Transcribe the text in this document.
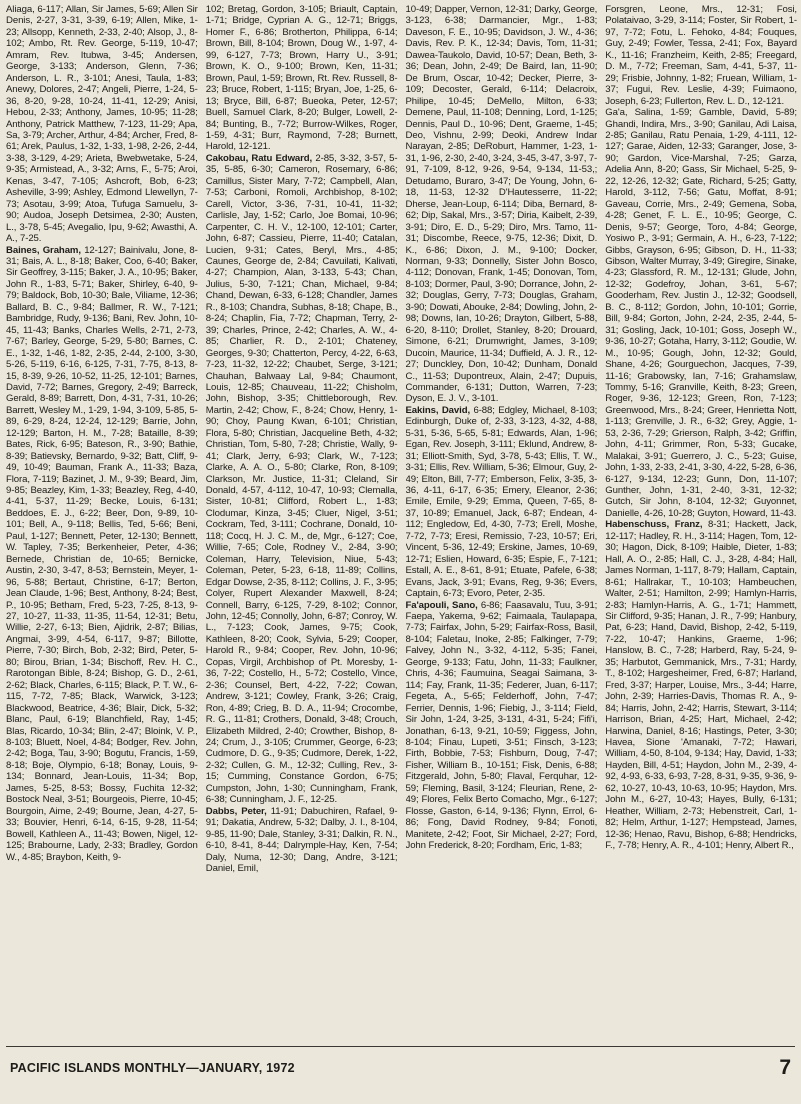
Aliaga, 6-117; Allan, Sir James, 5-69; Allen Sir Denis, 2-27, 3-31, 3-39, 6-19; Allen, Mike, 1-23; Allsopp, Kenneth, 2-33, 2-40; Alsop, J., 8-102; Ambo, Rt. Rev. George, 5-119, 10-47; Amram, Rev. Itubwa, 3-45; Andersen, George, 3-133; Anderson, Glenn, 7-36; Anderson, L. R., 3-101; Anesi, Taula, 1-83; Anewy, Dolores, 2-47; Angeli, Pierre, 1-24, 5-36, 8-20, 9-28, 10-24, 11-41, 12-29; Anisi, Hebou, 2-33; Anthony, James, 10-95; 11-28; Anthony, Patrick Matthew, 7-123, 11-29; Apa, Sa, 3-79; Archer, Arthur, 4-84; Archer, Fred, 8-61; Arek, Paulus, 1-32, 1-33, 1-98, 2-26, 2-44, 3-38, 3-129, 4-29; Arieta, Bwebwetake, 5-24, 9-35; Armistead, A., 3-32; Arns, F., 5-75; Aroi, Kenas, 3-47, 7-105; Ashcroft, Bob, 6-23; Asheville, 3-99; Ashley, Edmond Llewellyn, 7-73; Asotau, 3-99; Atoa, Tufuga Samuelu, 3-90; Audoa, Joseph Detsimea, 2-30; Austen, L., 3-78, 5-45; Avegalio, Ipu, 9-62; Awasthi, A. A., 7-25.

Baines, Graham, 12-127; Bainivalu, Jone, 8-31; Bais, A. L., 8-18; Baker, Coo, 6-40; Baker, Sir Geoffrey, 3-115; Baker, J. A., 10-95; Baker, John R., 1-83, 5-71; Baker, Shirley, 6-40, 9-79; Baldock, Bob, 10-30; Bale, Viliame, 12-36; Ballard, B. C., 9-84; Ballmer, R. W., 7-121; Bambridge, Rudy, 9-136; Bani, Rev. John, 10-45, 11-43; Banks, Charles Wells, 2-71, 2-73, 7-67; Barley, George, 5-29, 5-80; Barnes, C. E., 1-32, 1-46, 1-82, 2-35, 2-44, 2-100, 3-30, 5-26, 5-119, 6-16, 6-125, 7-31, 7-75, 8-13, 8-15, 8-39, 9-26, 10-52, 11-25, 12-101; Barnes, David, 7-72; Barnes, Gregory, 2-49; Barreck, Gerald, 8-89; Barrett, Don, 4-31, 7-31, 10-26; Barrett, Wesley M., 1-29, 1-94, 3-109, 5-85, 5-89, 6-29, 8-24, 12-24, 12-129; Barrie, John, 12-129; Barton, H. M., 7-28; Bataille, 8-39; Bates, Rick, 6-95; Bateson, R., 3-90; Bathie, 8-39; Batievsky, Bernardo, 9-32; Batt, Cliff, 9-49, 10-49; Bauman, Frank A., 11-33; Baza, Flora, 7-119; Bazinet, J. M., 9-39; Beard, Jim, 9-85; Beazley, Kim, 1-33; Beazley, Reg, 4-40, 4-41, 5-37, 11-29; Becke, Louis, 6-131; Beddoes, E. J., 6-22; Beer, Don, 9-89, 10-101; Bell, A., 9-118; Bellis, Ted, 5-66; Beni, Paul, 1-127; Bennett, Peter, 12-130; Bennett, W. Tapley, 7-35; Berkenheier, Peter, 4-36; Bernede, Christian de, 10-65; Bernicke, Austin, 2-30, 3-47, 8-53; Bernstein, Meyer, 1-96, 5-88; Bertaut, Christine, 6-17; Berton, Jean Claude, 1-96; Best, Anthony, 8-24; Best, P., 10-95; Betham, Fred, 5-23, 7-25, 8-13, 9-27, 10-27, 11-33, 11-35, 11-54, 12-31; Betu, Willie, 2-27, 6-13; Bien, Ajidrik, 2-87; Bilias, Angmai, 3-99, 4-54, 6-117, 9-87; Billotte, Pierre, 7-30; Birch, Bob, 2-32; Bird, Peter, 5-80; Birou, Brian, 1-34; Bischoff, Rev. H. C., Rarotongan Bible, 8-24; Bishop, G. D., 2-61, 2-62; Black, Charles, 6-115; Black, P. T. W., 6-115, 7-72, 7-85; Black, Warwick, 3-123; Blackwood, Beatrice, 4-36; Blair, Dick, 5-32; Blanc, Paul, 6-19; Blanchfield, Ray, 1-45; Blas, Ricardo, 10-34; Blin, 2-47; Bloink, V. P., 8-103; Bluett, Noel, 4-84; Bodger, Rev. John, 2-42; Boga, Tau, 3-90; Bogutu, Francis, 1-59, 8-18; Boje, Olympio, 6-18; Bonay, Louis, 9-134; Bonnard, Jean-Louis, 11-34; Bop, James, 5-25, 8-53; Bossy, Fuchita 12-32; Bostock Neal, 3-51; Bourgeois, Pierre, 10-45; Bourgoin, Aime, 2-49; Bourne, Jean, 4-27, 5-33; Bouvier, Henri, 6-14, 6-15, 9-28, 11-54; Bowell, Kathleen A., 11-43; Bowen, Nigel, 12-125; Brabourne, Lady, 2-33; Bradley, Gordon W., 4-85; Braybon, Keith, 9-

102; Bretag, Gordon, 3-105; Briault, Captain, 1-71; Bridge, Cyprian A. G., 12-71; Briggs, Homer F., 6-86; Brotherton, Philippa, 6-14; Brown, Bill, 8-104; Brown, Doug W., 1-97, 4-99, 6-127, 7-73; Brown, Harry U., 3-91; Brown, K. O., 9-100; Brown, Ken, 11-31; Brown, Paul, 1-59; Brown, Rt. Rev. Russell, 8-23; Bruce, Robert, 1-115; Bryan, Joe, 1-25, 6-13; Bryce, Bill, 6-87; Bueoka, Peter, 12-57; Buell, Samuel Clark, 8-20; Bulger, Lowell, 2-84; Bunting, B., 7-72; Burrow-Wilkes, Roger, 1-59, 4-31; Burr, Raymond, 7-28; Burnett, Harold, 12-121.

Cakobau, Ratu Edward, 2-85, 3-32, 3-57, 5-35, 5-85, 6-30; Cameron, Rosemary, 6-86; Camillus, Sister Mary, 7-72; Campbell, Alan, 7-53; Carboni, Romoli, Archbishop, 8-102; Carell, Victor, 3-36, 7-31, 10-41, 11-32; Carlisle, Jay, 1-52; Carlo, Joe Bomai, 10-96; Carpenter, C. H. V., 12-100, 12-101; Carter, John, 6-87; Cassieu, Pierre, 11-40; Catalan, Lucien, 9-31; Cates, Beryl, Mrs., 4-85; Caunes, George de, 2-84; Cavuilati, Kalivati, 4-27; Champion, Alan, 3-133, 5-43; Chan, Julius, 5-30, 7-121; Chan, Michael, 9-84; Chand, Dewan, 6-33, 6-128; Chandler, James R., 8-103; Chandra, Subhas, 8-18; Chape, B., 8-24; Chaplin, Fia, 7-72; Chapman, Terry, 2-39; Charles, Prince, 2-42; Charles, A. W., 4-85; Charlier, R. D., 2-101; Chateney, Georges, 9-30; Chatterton, Percy, 4-22, 6-63, 7-23, 11-32, 12-22; Chaubet, Serge, 3-121; Chauhan, Balwaay Lal, 9-84; Chaumont, Louis, 12-85; Chauveau, 11-22; Chisholm, John, Bishop, 3-35; Chittleborough, Rev. Martin, 2-42; Chow, F., 8-24; Chow, Henry, 1-90; Choy, Paung Kwan, 6-101; Christian, Flora, 5-80; Christian, Jacqueline Beth, 4-32; Christian, Tom, 5-80, 7-28; Christie, Wally, 9-41; Clark, Jerry, 6-93; Clark, W., 7-123; Clarke, A. A. O., 5-80; Clarke, Ron, 8-109; Clarkson, Mr. Justice, 11-31; Cleland, Sir Donald, 4-57, 4-112, 10-47, 10-93; Clemalla, Sister, 10-81; Clifford, Robert L., 1-83; Clodumar, Kinza, 3-45; Cluer, Nigel, 3-51; Cockram, Ted, 3-111; Cochrane, Donald, 10-118; Cocq, H. J. C. M., de, Mgr., 6-127; Coe, Willie, 7-65; Cole, Rodney V., 2-84, 3-90; Coleman, Harry, Television, Niue, 5-43; Coleman, Peter, 5-23, 6-18, 11-89; Collins, Edgar Dowse, 2-35, 8-112; Collins, J. F., 3-95; Colyer, Rupert Alexander Maxwell, 8-24; Connell, Barry, 6-125, 7-29, 8-102; Connor, John, 12-45; Connolly, John, 6-87; Conroy, W. L., 7-123; Cook, James, 9-75; Cook, Kathleen, 8-20; Cook, Sylvia, 5-29; Cooper, Harold R., 9-84; Cooper, Rev. John, 10-96; Copas, Virgil, Archbishop of Pt. Moresby, 1-36, 7-22; Costello, H., 5-72; Costello, Vince, 2-36; Counsel, Bert, 4-22, 7-22; Cowan, Andrew, 3-121; Cowley, Frank, 3-26; Craig, Ron, 4-89; Crieg, B. D. A., 11-94; Crocombe, R. G., 11-81; Crothers, Donald, 3-48; Crouch, Elizabeth Mildred, 2-40; Crowther, Bishop, 8-24; Crum, J., 3-105; Crummer, George, 6-23; Cudmore, D. G., 9-35; Cudmore, Derek, 1-22, 2-32; Cullen, G. M., 12-32; Culling, Rev., 3-15; Cumming, Constance Gordon, 6-75; Cumpston, John, 1-30; Cunningham, Frank, 6-38; Cunningham, J. F., 12-25.

Dabbs, Peter, 11-91; Dabuchiren, Rafael, 9-91; Dakatia, Andrew, 5-32; Dalby, J. I., 8-104, 9-85, 11-90; Dale, Stanley, 3-31; Dalkin, R. N., 6-10, 8-41, 8-44; Dalrymple-Hay, Ken, 7-54; Daly, Numa, 12-30; Dang, Andre, 3-121; Daniel, Emil,

10-49; Dapper, Vernon, 12-31; Darky, George, 3-123, 6-38; Darmancier, Mgr., 1-83; Daveson, F. E., 10-95; Davidson, J. W., 4-36; Davis, Rev. P. K., 12-34; Davis, Tom, 11-31; Dawea-Taukolo, David, 10-57; Dean, Beth, 3-36; Dean, John, 2-49; De Baird, Ian, 11-90; De Brum, Oscar, 10-42; Decker, Pierre, 3-109; Decoster, Gerald, 6-114; Delacroix, Philipe, 10-45; DeMello, Milton, 6-33; Demene, Paul, 11-108; Denning, Lord, 1-125; Dennis, Paul D., 10-96; Dent, Graeme, 1-45; Deo, Vishnu, 2-99; Deoki, Andrew Indar Narayan, 2-85; DeRoburt, Hammer, 1-23, 1-31, 1-96, 2-30, 2-40, 3-24, 3-45, 3-47, 3-97, 7-91, 7-109, 8-12, 9-26, 9-54, 9-134, 11-53,; Detudamo, Buraro, 3-47; De Young, John, 6-18, 11-53, 12-32 D'Hautesserre, 11-22; Dherse, Jean-Loup, 6-114; Diba, Bernard, 8-62; Dip, Sakal, Mrs., 3-57; Diria, Kaibelt, 2-39, 3-91; Diro, E. D., 5-29; Diro, Mrs. Tamo, 11-31; Discombe, Reece, 9-75, 12-36; Dixit, D. K., 6-86; Dixon, J. M., 9-100; Docker, Norman, 9-33; Donnelly, Sister John Bosco, 4-112; Donovan, Frank, 1-45; Donovan, Tom, 8-103; Dormer, Paul, 3-90; Dorrance, John, 2-32; Douglas, Gerry, 7-73; Douglas, Graham, 3-90; Dowati, Abouke, 2-84; Dowling, John, 2-98; Downs, Ian, 10-26; Drayton, Gilbert, 5-88, 6-20, 8-110; Drollet, Stanley, 8-20; Drouard, Simone, 6-21; Drumwright, James, 3-109; Ducoin, Maurice, 11-34; Duffield, A. J. R., 12-27; Dunckley, Don, 10-42; Dunham, Donald C., 11-53; Dupontreux, Alain, 2-47; Dupuis, Commander, 6-131; Dutton, Warren, 7-23; Dyson, E. J. V., 3-101.

Eakins, David, 6-88; Edgley, Michael, 8-103; Edinburgh, Duke of, 2-33, 3-123, 4-32, 4-88, 5-31, 5-36, 5-65, 5-81; Edwards, Alan, 1-96; Egan, Rev. Joseph, 3-111; Eklund, Andrew, 8-31; Elliott-Smith, Syd, 3-78, 5-43; Ellis, T. W., 3-31; Ellis, Rev. William, 5-36; Elmour, Guy, 2-49; Elton, Bill, 7-77; Emberson, Felix, 3-35, 3-36, 4-11, 6-17, 6-35; Emery, Eleanor, 2-36; Emile, Emile, 9-29; Emma, Queen, 7-65, 8-37, 10-89; Emanuel, Jack, 6-87; Endean, 4-112; Engledow, Ed, 4-30, 7-73; Erell, Moshe, 7-72, 7-73; Eresi, Remissio, 7-23, 10-57; Eri, Vincent, 5-36, 12-49; Erskine, James, 10-69, 12-71; Eslien, Howard, 6-35; Espie, F., 7-121; Estall, A. E., 8-61, 8-91; Etuate, Pafele, 6-38; Evans, Jack, 3-91; Evans, Reg, 9-36; Evers, Captain, 6-73; Evoro, Peter, 2-35.

Fa'apouli, Sano, 6-86; Faasavalu, Tuu, 3-91; Faepa, Yakema, 9-62; Faimaala, Taulapapa, 7-73; Fairfax, John, 5-29; Fairfax-Ross, Basil, 8-104; Faletau, Inoke, 2-85; Falkinger, 7-79; Falvey, John N., 3-32, 4-112, 5-35; Fanei, George, 9-133; Fatu, John, 11-33; Faulkner, Chris, 4-36; Faumuina, Seagai Saimana, 3-114; Fay, Frank, 11-35; Federer, Juan, 6-117; Fegeta, A., 5-65; Felderhoff, John, 7-47; Ferrier, Dennis, 1-96; Fiebig, J., 3-114; Field, Sir John, 1-24, 3-25, 3-131, 4-31, 5-24; Fifi'i, Jonathan, 6-13, 9-21, 10-59; Figgess, John, 8-104; Finau, Lupeti, 3-51; Finsch, 3-123; Firth, Bobbie, 7-53; Fishburn, Doug, 7-47; Fisher, William B., 10-151; Fisk, Denis, 6-88; Fitzgerald, John, 5-80; Flaval, Ferquhar, 12-59; Fleming, Basil, 3-124; Fleurian, Rene, 2-49; Flores, Felix Berto Comacho, Mgr., 6-127; Flosse, Gaston, 6-14, 9-136; Flynn, Errol, 6-86; Fong, David Rodney, 9-84; Fonoti, Manitete, 2-42; Foot, Sir Michael, 2-27; Ford, John Frederick, 8-20; Fordham, Eric, 1-83;

Forsgren, Leone, Mrs., 12-31; Fosi, Polataivao, 3-29, 3-114; Foster, Sir Robert, 1-97, 7-72; Fotu, L. Fehoko, 4-84; Fouques, Guy, 2-49; Fowler, Tessa, 2-41; Fox, Bayard K., 11-16; Franzheim, Keith, 2-85; Freegard, D. M., 7-72; Freeman, Sam, 4-41, 5-37, 11-29; Frisbie, Johnny, 1-82; Fruean, William, 1-37; Fugui, Rev. Leslie, 4-39; Fuimaono, Joseph, 6-23; Fullerton, Rev. L. D., 12-121.

Ga'a, Salina, 1-59; Gamble, David, 5-89; Ghandi, Indira, Mrs., 3-90; Ganilau, Adi Laisa, 2-85; Ganilau, Ratu Penaia, 1-29, 4-111, 12-127; Garae, Aiden, 12-33; Garanger, Jose, 3-90; Gardon, Vice-Marshal, 7-25; Garza, Adelia Ann, 8-20; Gass, Sir Michael, 5-25, 9-22, 12-26, 12-32; Gate, Richard, 5-25; Gatty, Harold, 3-112, 7-56; Gatu, Moffat, 8-91; Gaveau, Corrie, Mrs., 2-49; Gemena, Soba, 4-28; Genet, F. L. E., 10-95; George, C. Denis, 9-57; George, Toro, 4-84; George, Yosiwo P., 3-91; Germain, A. H., 6-23, 7-122; Gibbs, Grayson, 6-95; Gibson, D. H., 11-33; Gibson, Walter Murray, 3-49; Giregire, Sinake, 4-23; Glassford, R. M., 12-131; Glude, John, 12-32; Godefroy, Johan, 3-61, 5-67; Gooderham, Rev. Justin J., 12-32; Goodsell, B. C., 8-112; Gordon, John, 10-101; Gorrie, Bill, 9-84; Gorton, John, 2-24, 2-35, 2-44, 5-31; Gosling, Jack, 10-101; Goss, Joseph W., 9-36, 10-27; Gotaha, Harry, 3-112; Goudie, W. M., 10-95; Gough, John, 12-32; Gould, Shane, 4-26; Gourguechon, Jacques, 7-39, 11-16; Grabowsky, Ian, 7-16; Grahamslaw, Tommy, 5-16; Granville, Keith, 8-23; Green, Roger, 9-36, 12-123; Green, Ron, 7-123; Greenwood, Mrs., 8-24; Greer, Henrietta Nott, 1-113; Grenville, J. R., 6-32; Grey, Aggie, 1-53, 2-36, 7-29; Grierson, Ralph, 3-42; Griffin, John, 4-11; Grimmer, Ron, 5-33; Gucake, Malakai, 3-91; Guerrero, J. C., 5-23; Guise, John, 1-33, 2-33, 2-41, 3-30, 4-22, 5-28, 6-36, 6-127, 9-134, 12-23; Gunn, Don, 11-107; Gunther, John, 1-31, 2-40, 3-31, 12-32; Gutch, Sir John, 8-104, 12-32; Guyonnet, Danielle, 4-26, 10-28; Guyton, Howard, 11-43.

Habenschuss, Franz, 8-31; Hackett, Jack, 12-117; Hadley, R. H., 3-114; Hagen, Tom, 12-30; Hagon, Dick, 8-109; Haible, Dieter, 1-83; Hall, A. O., 2-85; Hall, C. J., 3-28, 4-84; Hall, James Norman, 1-117, 8-79; Hallam, Captain, 8-61; Hallrakar, T., 10-103; Hambeuchen, Walter, 2-51; Hamilton, 2-99; Hamlyn-Harris, 2-83; Hamlyn-Harris, A. G., 1-71; Hammett, Sir Clifford, 9-35; Hanan, J. R., 7-99; Hanbury, Pat, 6-23; Hand, David, Bishop, 2-42, 5-119, 7-22, 10-47; Hankins, Graeme, 1-96; Hanslow, B. C., 7-28; Harberd, Ray, 5-24, 9-35; Harbutot, Gemmanick, Mrs., 7-31; Hardy, T., 8-102; Hargesheimer, Fred, 6-87; Harland, Fred, 3-37; Harper, Louise, Mrs., 3-44; Harre, John, 2-39; Harries-Davis, Thomas R. A., 9-84; Harris, John, 2-42; Harris, Stewart, 3-114; Harrison, Brian, 4-25; Hart, Michael, 2-42; Harwina, Daniel, 8-16; Hastings, Peter, 3-30; Havea, Sione 'Amanaki, 7-72; Hawari, William, 4-50, 8-104, 9-134; Hay, David, 1-33; Hayden, Bill, 4-51; Haydon, John M., 2-39, 4-92, 4-93, 6-33, 6-93, 7-28, 8-31, 9-35, 9-36, 9-62, 10-27, 10-43, 10-63, 10-95; Haydon, Mrs. John M., 6-27, 10-43; Hayes, Bully, 6-131; Heather, William, 2-73; Hebenstreit, Carl, 1-82; Helm, Arthur, 1-127; Hempstead, James, 12-36; Henao, Ravu, Bishop, 6-88; Hendricks, F., 7-78; Henry, A. R., 4-101; Henry, Albert R.,

PACIFIC ISLANDS MONTHLY—JANUARY, 1972	7
